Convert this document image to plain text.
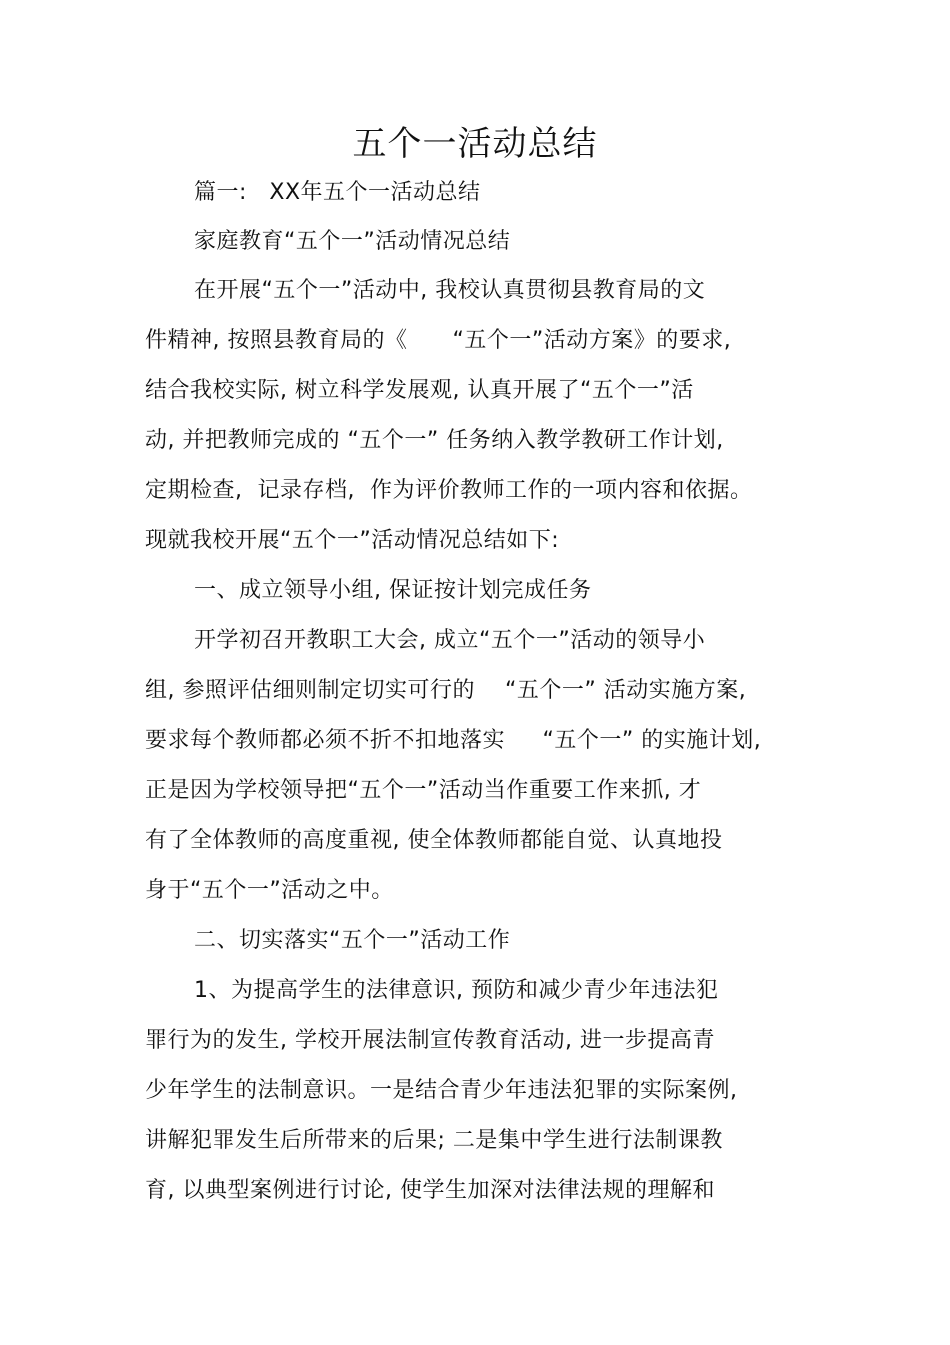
五个一活动总结
篇一:   XX年五个一活动总结
家庭教育“五个一”活动情况总结
在开展“五个一”活动中, 我校认真贯彻县教育局的文
件精神, 按照县教育局的《      “五个一”活动方案》的要求,
结合我校实际, 树立科学发展观, 认真开展了“五个一”活
动, 并把教师完成的 “五个一” 任务纳入教学教研工作计划,
定期检查,  记录存档,  作为评价教师工作的一项内容和依据。
现就我校开展“五个一”活动情况总结如下:
一、成立领导小组, 保证按计划完成任务
开学初召开教职工大会, 成立“五个一”活动的领导小
组, 参照评估细则制定切实可行的    “五个一” 活动实施方案,
要求每个教师都必须不折不扣地落实     “五个一” 的实施计划,
正是因为学校领导把“五个一”活动当作重要工作来抓, 才
有了全体教师的高度重视, 使全体教师都能自觉、认真地投
身于“五个一”活动之中。
二、切实落实“五个一”活动工作
1、为提高学生的法律意识, 预防和减少青少年违法犯
罪行为的发生, 学校开展法制宣传教育活动, 进一步提高青
少年学生的法制意识。一是结合青少年违法犯罪的实际案例,
讲解犯罪发生后所带来的后果; 二是集中学生进行法制课教
育, 以典型案例进行讨论, 使学生加深对法律法规的理解和
